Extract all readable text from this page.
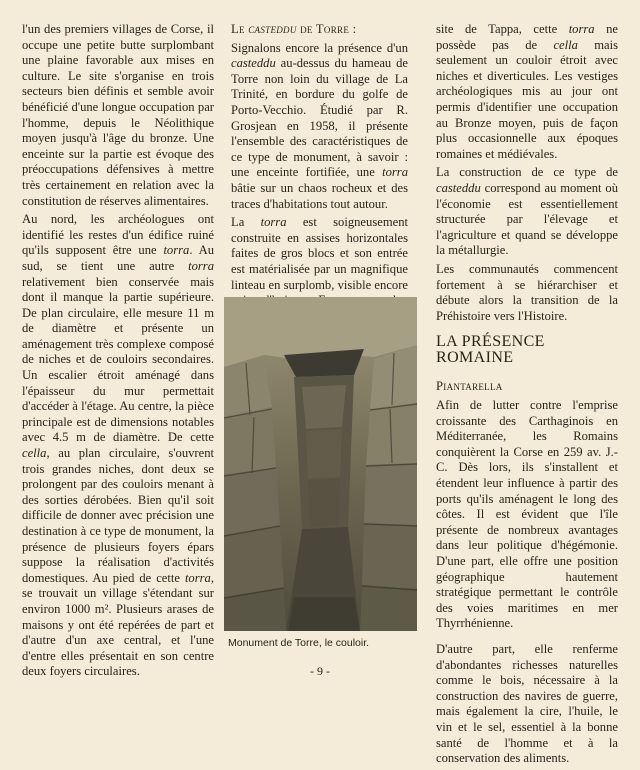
l'un des premiers villages de Corse, il occupe une petite butte surplombant une plaine favorable aux mises en culture. Le site s'organise en trois secteurs bien définis et semble avoir bénéficié d'une longue occupation par l'homme, depuis le Néolithique moyen jusqu'à l'âge du bronze. Une enceinte sur la partie est évoque des préoccupations défensives à mettre très certainement en relation avec la constitution de réserves alimentaires.

Au nord, les archéologues ont identifié les restes d'un édifice ruiné qu'ils supposent être une torra. Au sud, se tient une autre torra relativement bien conservée mais dont il manque la partie supérieure. De plan circulaire, elle mesure 11 m de diamètre et présente un aménagement très complexe composé de niches et de couloirs secondaires. Un escalier étroit aménagé dans l'épaisseur du mur permettait d'accéder à l'étage. Au centre, la pièce principale est de dimensions notables avec 4.5 m de diamètre. De cette cella, au plan circulaire, s'ouvrent trois grandes niches, dont deux se prolongent par des couloirs menant à des sorties dérobées. Bien qu'il soit difficile de donner avec précision une destination à ce type de monument, la présence de plusieurs foyers épars suppose la réalisation d'activités domestiques. Au pied de cette torra, se trouvait un village s'étendant sur environ 1000 m². Plusieurs arases de maisons y ont été repérées de part et d'autre d'un axe central, et l'une d'entre elles présentait en son centre deux foyers circulaires.

Le casteddu de Torre :

Signalons encore la présence d'un casteddu au-dessus du hameau de Torre non loin du village de La Trinité, en bordure du golfe de Porto-Vecchio. Étudié par R. Grosjean en 1958, il présente l'ensemble des caractéristiques de ce type de monument, à savoir : une enceinte fortifiée, une torra bâtie sur un chaos rocheux et des traces d'habitations tout autour.

La torra est soigneusement construite en assises horizontales faites de gros blocs et son entrée est matérialisée par un magnifique linteau en surplomb, visible encore

Monument de Torre, le couloir.

site de Tappa, cette torra ne possède pas de cella mais seulement un couloir étroit avec niches et diverticules. Les vestiges archéologiques mis au jour ont permis d'identifier une occupation au Bronze moyen, puis de façon plus occasionnelle aux époques romaines et médiévales.

La construction de ce type de casteddu correspond au moment où l'économie est essentiellement structurée par l'élevage et l'agriculture et quand se développe la métallurgie.

Les communautés commencent fortement à se hiérarchiser et débute alors la transition de la Préhistoire vers l'Histoire.

LA PRÉSENCE ROMAINE

Piantarella

Afin de lutter contre l'emprise croissante des Carthaginois en Méditerranée, les Romains conquièrent la Corse en 259 av. J.-C. Dès lors, ils s'installent et étendent leur influence à partir des ports qu'ils aménagent le long des côtes. Il est évident que l'île présente de nombreux avantages dans leur politique d'hégémonie. D'une part, elle offre une position géographique hautement stratégique permettant le contrôle des voies maritimes en mer Thyrrhénienne.

D'autre part, elle renferme d'abondantes richesses naturelles comme le bois, nécessaire à la construction des navires de guerre, mais également la cire, l'huile, le vin et le sel, essentiel à la bonne santé de l'homme et à la conservation des aliments.

- 9 -
